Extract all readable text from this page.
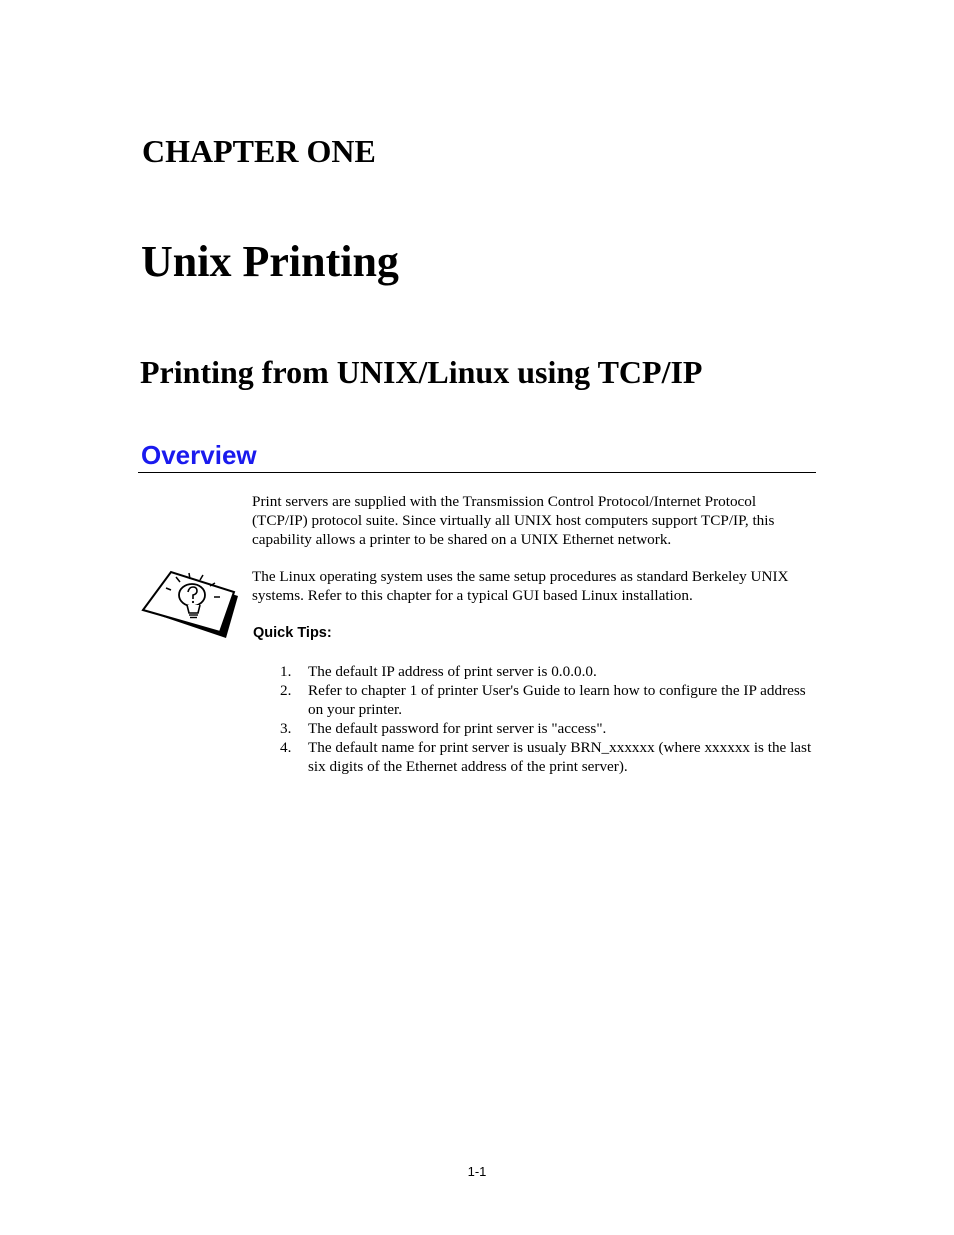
CHAPTER ONE
Unix Printing
Printing from UNIX/Linux using TCP/IP
Overview

Print servers are supplied with the Transmission Control Protocol/Internet Protocol (TCP/IP) protocol suite. Since virtually all UNIX host computers support TCP/IP, this capability allows a printer to be shared on a UNIX Ethernet network.

The Linux operating system uses the same setup procedures as standard Berkeley UNIX systems. Refer to this chapter for a typical GUI based Linux installation.

Quick Tips:

1. The default IP address of print server is 0.0.0.0.
2. Refer to chapter 1 of printer User's Guide to learn how to configure the IP address on your printer.
3. The default password for print server is "access".
4. The default name for print server is usualy BRN_xxxxxx (where xxxxxx is the last six digits of the Ethernet address of the print server).

1-1
